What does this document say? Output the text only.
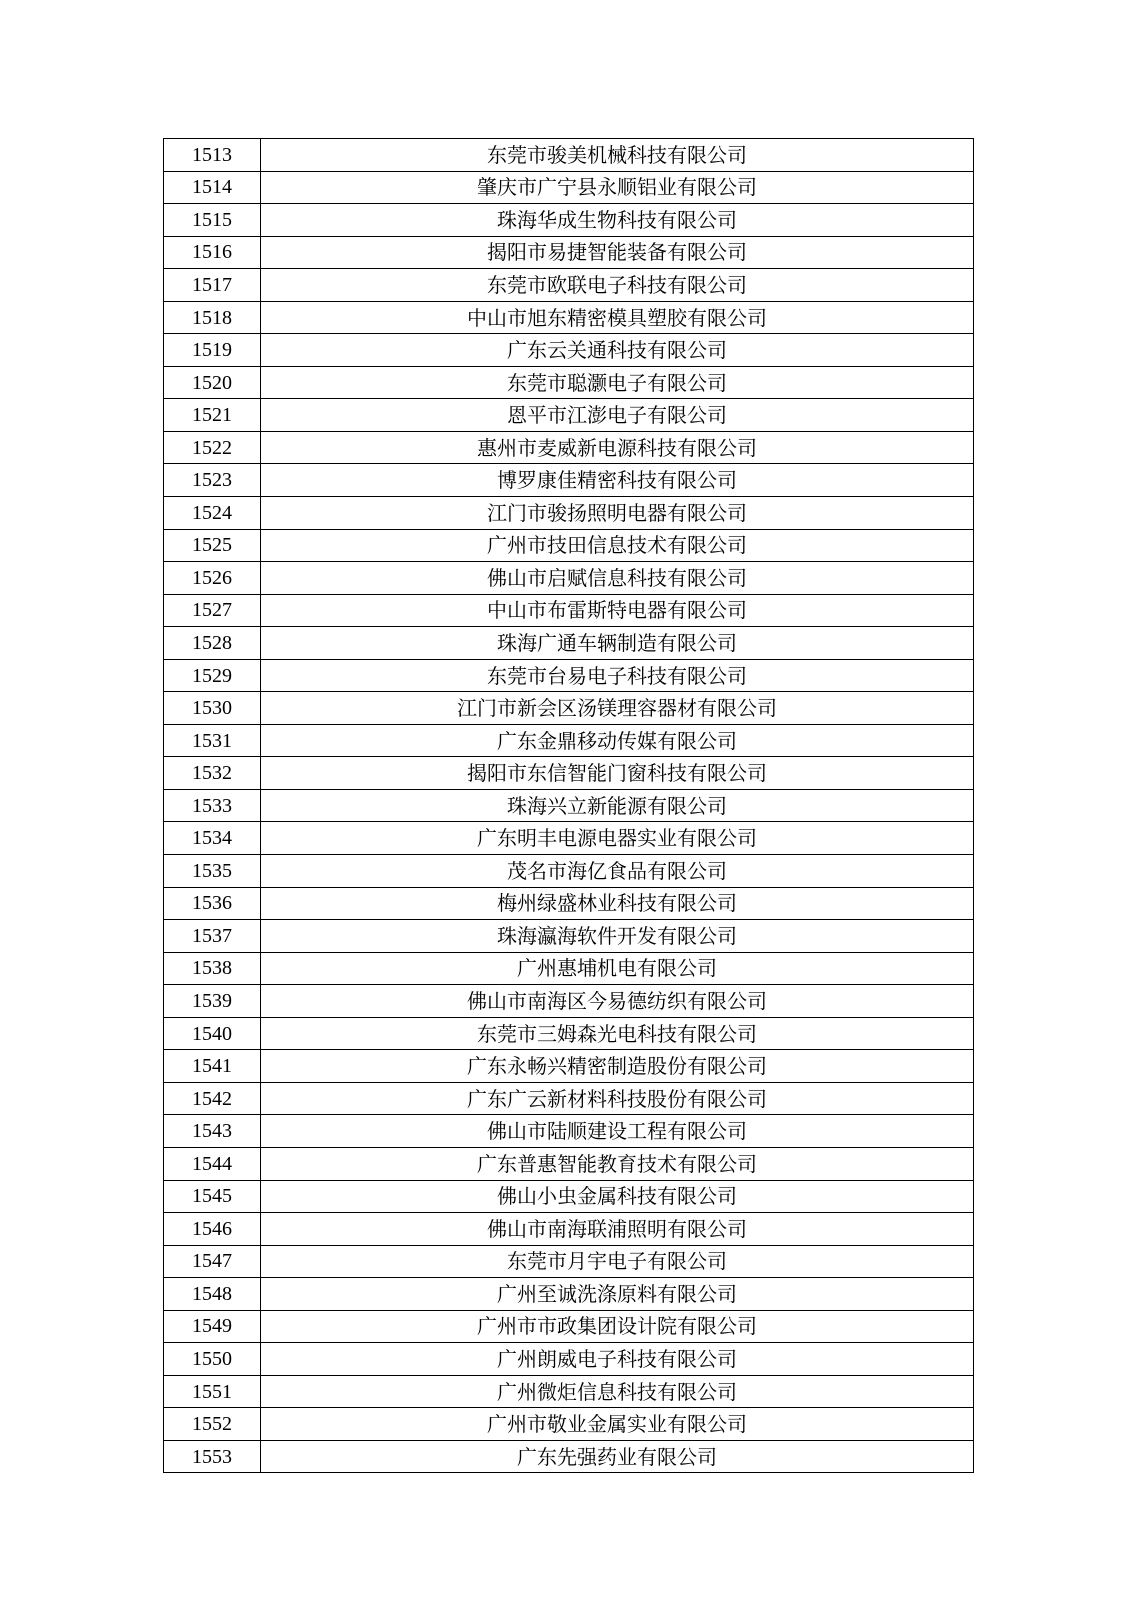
1513	东莞市骏美机械科技有限公司
1514	肇庆市广宁县永顺铝业有限公司
1515	珠海华成生物科技有限公司
1516	揭阳市易捷智能装备有限公司
1517	东莞市欧联电子科技有限公司
1518	中山市旭东精密模具塑胶有限公司
1519	广东云关通科技有限公司
1520	东莞市聪灏电子有限公司
1521	恩平市江澎电子有限公司
1522	惠州市麦威新电源科技有限公司
1523	博罗康佳精密科技有限公司
1524	江门市骏扬照明电器有限公司
1525	广州市技田信息技术有限公司
1526	佛山市启赋信息科技有限公司
1527	中山市布雷斯特电器有限公司
1528	珠海广通车辆制造有限公司
1529	东莞市台易电子科技有限公司
1530	江门市新会区汤镁理容器材有限公司
1531	广东金鼎移动传媒有限公司
1532	揭阳市东信智能门窗科技有限公司
1533	珠海兴立新能源有限公司
1534	广东明丰电源电器实业有限公司
1535	茂名市海亿食品有限公司
1536	梅州绿盛林业科技有限公司
1537	珠海瀛海软件开发有限公司
1538	广州惠埔机电有限公司
1539	佛山市南海区今易德纺织有限公司
1540	东莞市三姆森光电科技有限公司
1541	广东永畅兴精密制造股份有限公司
1542	广东广云新材料科技股份有限公司
1543	佛山市陆顺建设工程有限公司
1544	广东普惠智能教育技术有限公司
1545	佛山小虫金属科技有限公司
1546	佛山市南海联浦照明有限公司
1547	东莞市月宇电子有限公司
1548	广州至诚洗涤原料有限公司
1549	广州市市政集团设计院有限公司
1550	广州朗威电子科技有限公司
1551	广州微炬信息科技有限公司
1552	广州市敬业金属实业有限公司
1553	广东先强药业有限公司
